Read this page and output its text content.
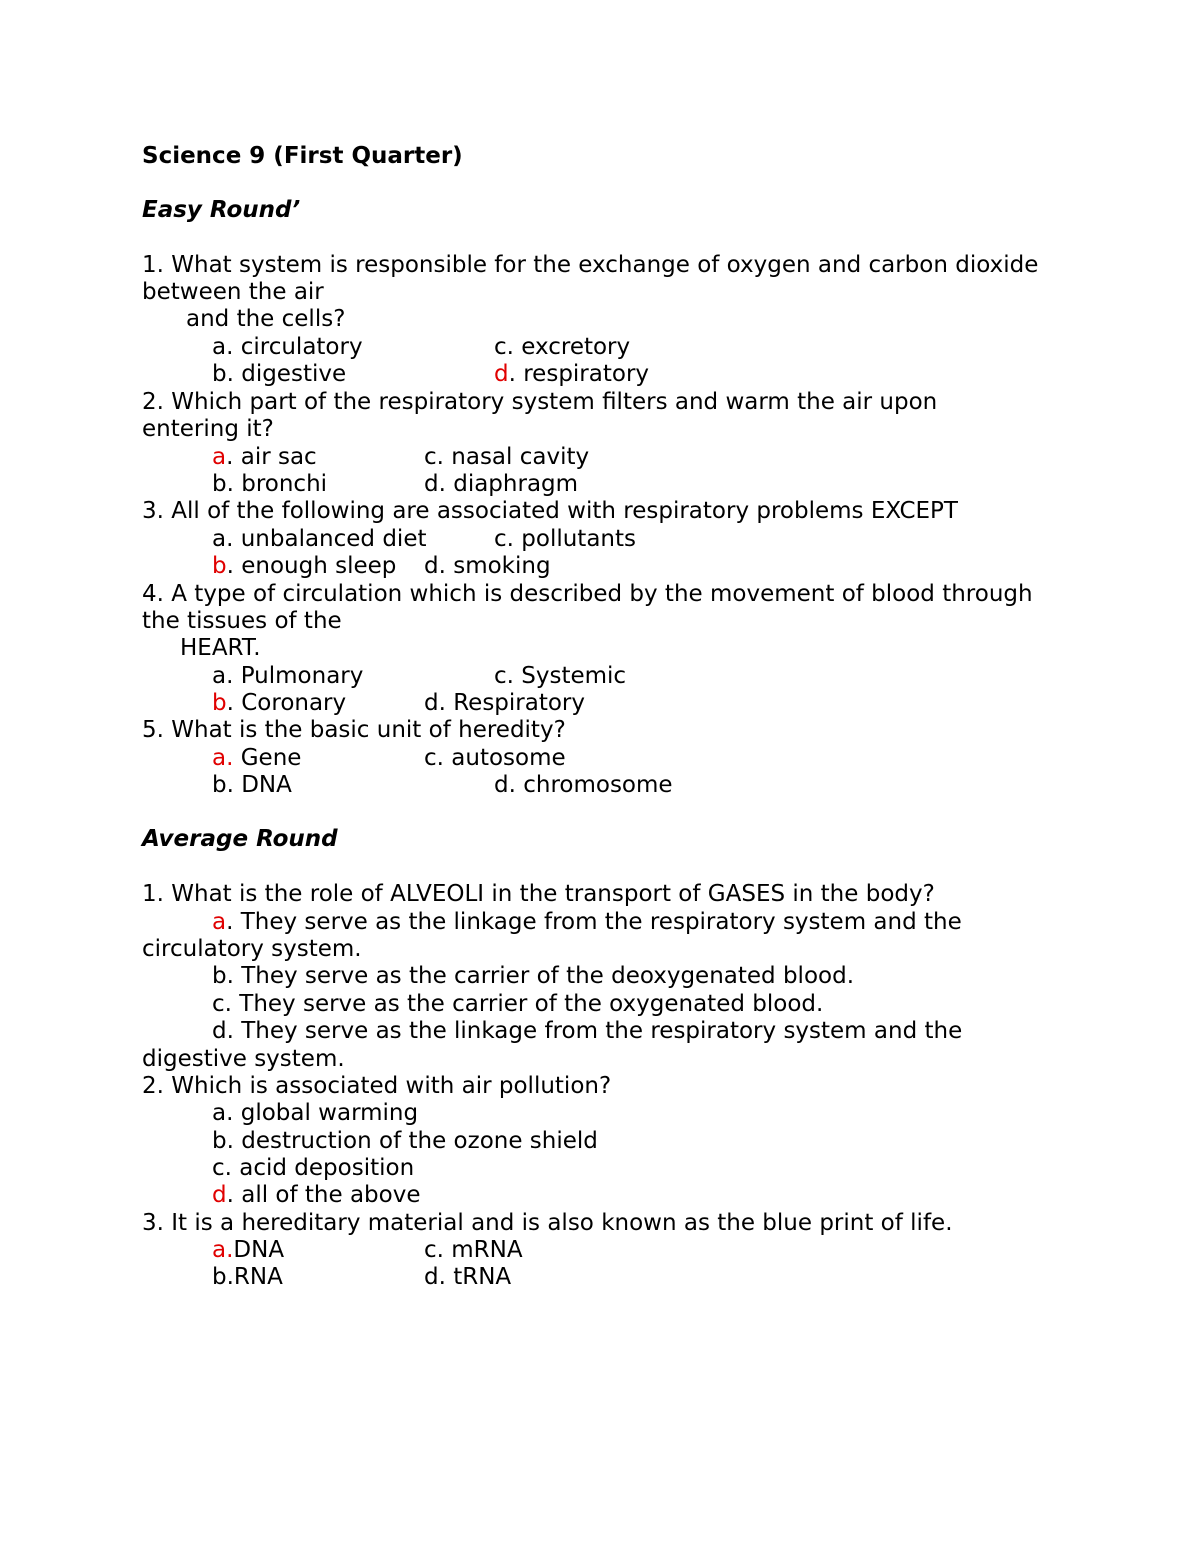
Science 9 (First Quarter)
Easy Round’
1. What system is responsible for the exchange of oxygen and carbon dioxide
between the air
and the cells?
a. circulatory	c. excretory
b. digestive	d. respiratory
2. Which part of the respiratory system filters and warm the air upon
entering it?
a. air sac	c. nasal cavity
b. bronchi	d. diaphragm
3. All of the following are associated with respiratory problems EXCEPT
a. unbalanced diet	c. pollutants
b. enough sleep d. smoking
4. A type of circulation which is described by the movement of blood through
the tissues of the
HEART.
a. Pulmonary	c. Systemic
b. Coronary	d. Respiratory
5. What is the basic unit of heredity?
a. Gene	c. autosome
b. DNA	d. chromosome
Average Round
1. What is the role of ALVEOLI in the transport of GASES in the body?
a. They serve as the linkage from the respiratory system and the
circulatory system.
b. They serve as the carrier of the deoxygenated blood.
c. They serve as the carrier of the oxygenated blood.
d. They serve as the linkage from the respiratory system and the
digestive system.
2. Which is associated with air pollution?
a. global warming
b. destruction of the ozone shield
c. acid deposition
d. all of the above
3. It is a hereditary material and is also known as the blue print of life.
a.DNA	c. mRNA
b.RNA	d. tRNA
